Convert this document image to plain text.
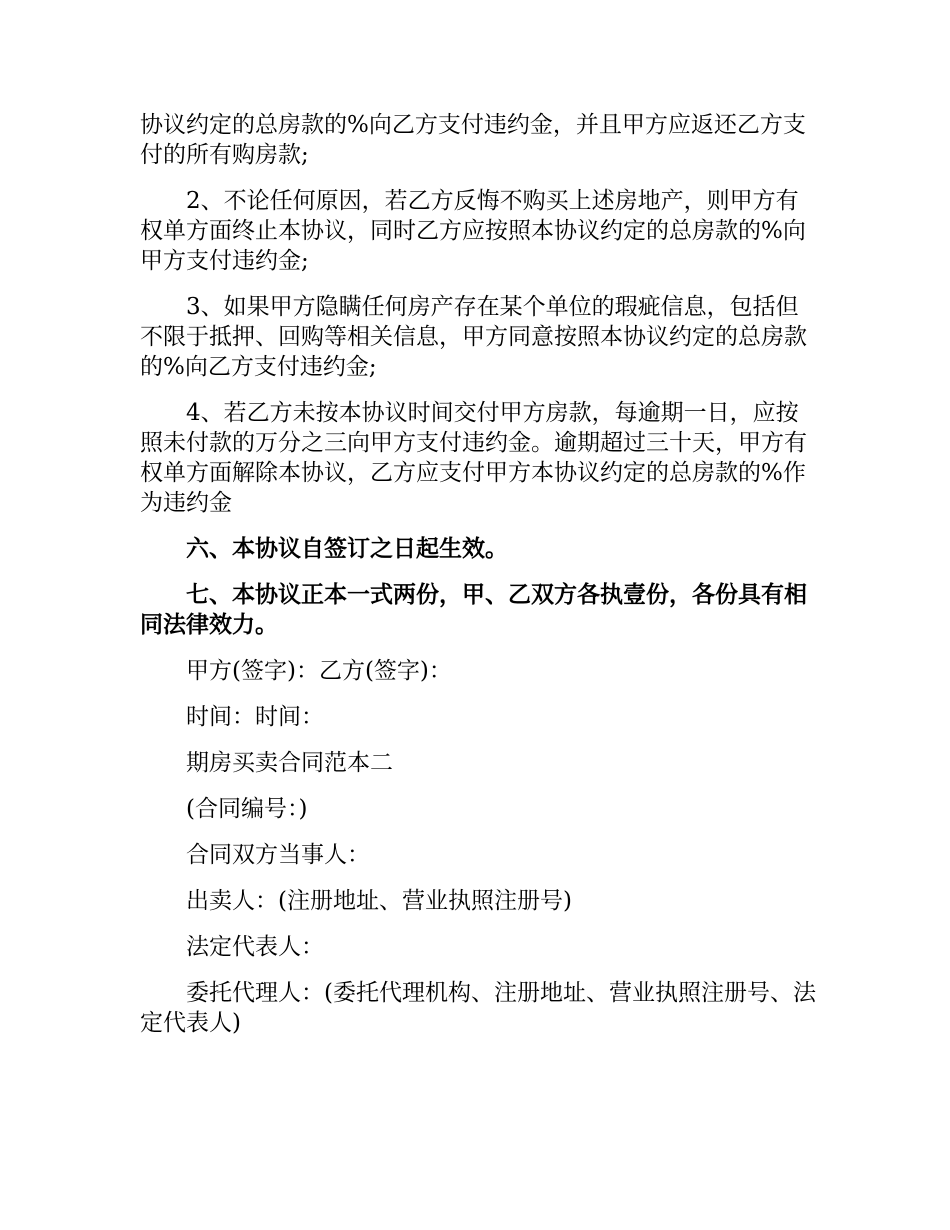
协议约定的总房款的%向乙方支付违约金，并且甲方应返还乙方支付的所有购房款;

2、不论任何原因，若乙方反悔不购买上述房地产，则甲方有权单方面终止本协议，同时乙方应按照本协议约定的总房款的%向甲方支付违约金;

3、如果甲方隐瞒任何房产存在某个单位的瑕疵信息，包括但不限于抵押、回购等相关信息，甲方同意按照本协议约定的总房款的%向乙方支付违约金;

4、若乙方未按本协议时间交付甲方房款，每逾期一日，应按照未付款的万分之三向甲方支付违约金。逾期超过三十天，甲方有权单方面解除本协议，乙方应支付甲方本协议约定的总房款的%作为违约金

六、本协议自签订之日起生效。

七、本协议正本一式两份，甲、乙双方各执壹份，各份具有相同法律效力。

甲方(签字)：乙方(签字)：

时间：时间：

期房买卖合同范本二

(合同编号：)

合同双方当事人：

出卖人：(注册地址、营业执照注册号)

法定代表人：

委托代理人：(委托代理机构、注册地址、营业执照注册号、法定代表人)
